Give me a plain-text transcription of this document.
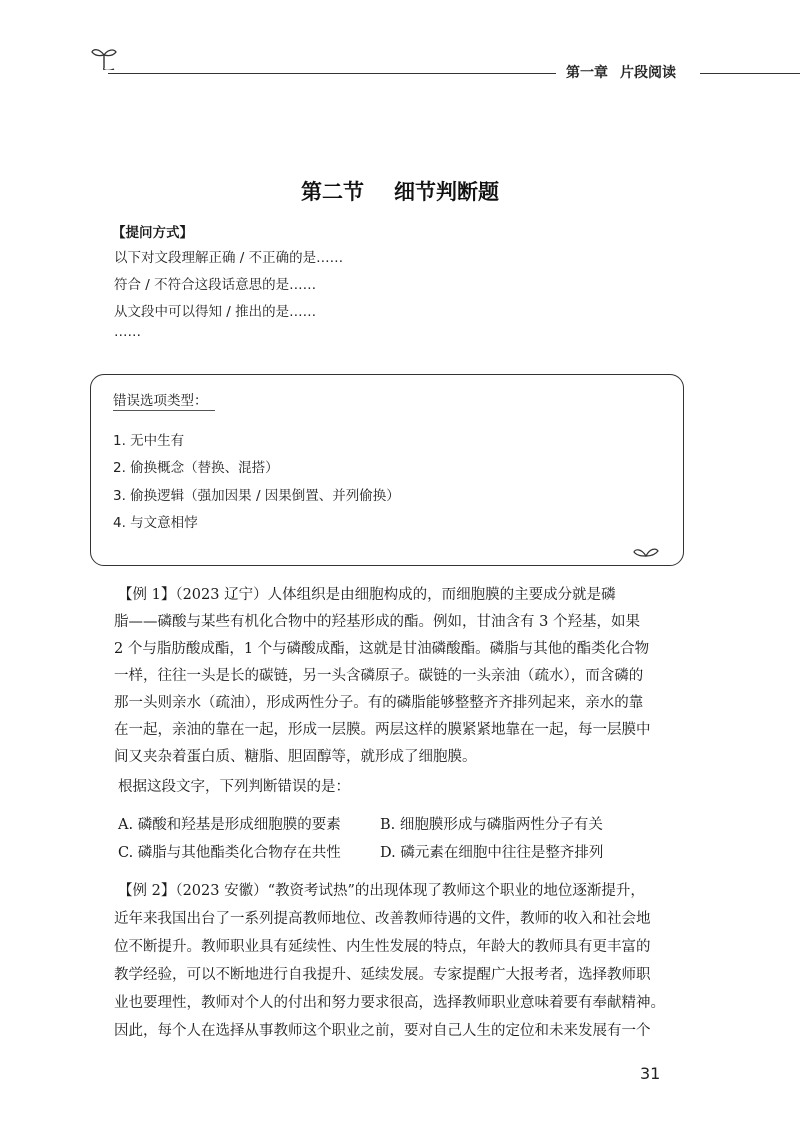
第一章 片段阅读
第二节 细节判断题
【提问方式】
以下对文段理解正确 / 不正确的是……
符合 / 不符合这段话意思的是……
从文段中可以得知 / 推出的是……
……
错误选项类型：
1. 无中生有
2. 偷换概念（替换、混搭）
3. 偷换逻辑（强加因果 / 因果倒置、并列偷换）
4. 与文意相悖
【例 1】（2023 辽宁）人体组织是由细胞构成的，而细胞膜的主要成分就是磷
脂——磷酸与某些有机化合物中的羟基形成的酯。例如，甘油含有 3 个羟基，如果
2 个与脂肪酸成酯，1 个与磷酸成酯，这就是甘油磷酸酯。磷脂与其他的酯类化合物
一样，往往一头是长的碳链，另一头含磷原子。碳链的一头亲油（疏水），而含磷的
那一头则亲水（疏油），形成两性分子。有的磷脂能够整整齐齐排列起来，亲水的靠
在一起，亲油的靠在一起，形成一层膜。两层这样的膜紧紧地靠在一起，每一层膜中
间又夹杂着蛋白质、糖脂、胆固醇等，就形成了细胞膜。
根据这段文字，下列判断错误的是：
A. 磷酸和羟基是形成细胞膜的要素	B. 细胞膜形成与磷脂两性分子有关
C. 磷脂与其他酯类化合物存在共性	D. 磷元素在细胞中往往是整齐排列
【例 2】（2023 安徽）“教资考试热”的出现体现了教师这个职业的地位逐渐提升，
近年来我国出台了一系列提高教师地位、改善教师待遇的文件，教师的收入和社会地
位不断提升。教师职业具有延续性、内生性发展的特点，年龄大的教师具有更丰富的
教学经验，可以不断地进行自我提升、延续发展。专家提醒广大报考者，选择教师职
业也要理性，教师对个人的付出和努力要求很高，选择教师职业意味着要有奉献精神。
因此，每个人在选择从事教师这个职业之前，要对自己人生的定位和未来发展有一个
31
